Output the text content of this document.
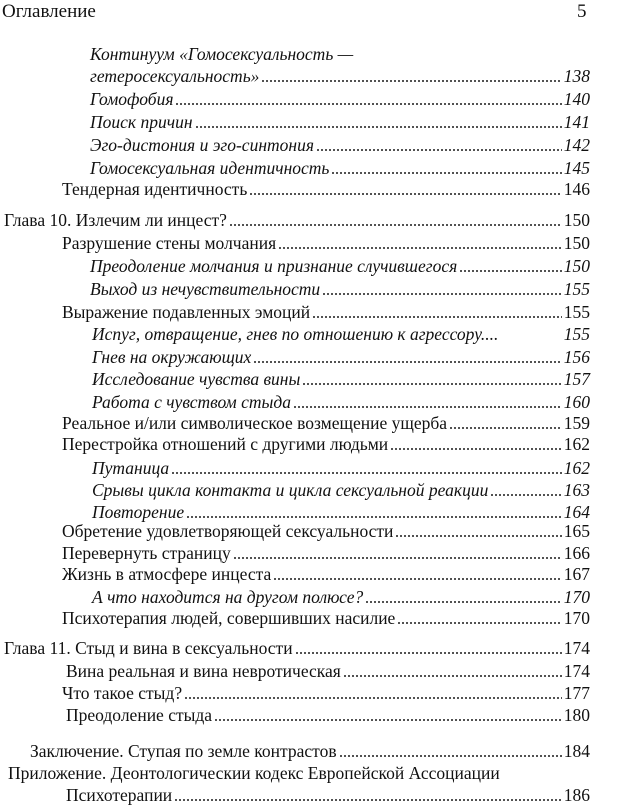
Оглавление	5
Континуум «Гомосексуальность —
гетеросексуальность»	138
Гомофобия	140
Поиск причин	141
Эго-дистония и эго-синтония	142
Гомосексуальная идентичность	145
Тендерная идентичность	146
Глава 10. Излечим ли инцест?	150
Разрушение стены молчания	150
Преодоление молчания и признание случившегося	150
Выход из нечувствительности	155
Выражение подавленных эмоций	155
Испуг, отвращение, гнев по отношению к агрессору....	155
Гнев на окружающих	156
Исследование чувства вины	157
Работа с чувством стыда	160
Реальное и/или символическое возмещение ущерба	159
Перестройка отношений с другими людьми	162
Путаница	162
Срывы цикла контакта и цикла сексуальной реакции	163
Повторение	164
Обретение удовлетворяющей сексуальности	165
Перевернуть страницу	166
Жизнь в атмосфере инцеста	167
А что находится на другом полюсе?	170
Психотерапия людей, совершивших насилие	170
Глава 11. Стыд и вина в сексуальности	174
Вина реальная и вина невротическая	174
Что такое стыд?	177
Преодоление стыда	180
Заключение. Ступая по земле контрастов	184
Приложение. Деонтологическии кодекс Европейской Ассоциации
Психотерапии	186
